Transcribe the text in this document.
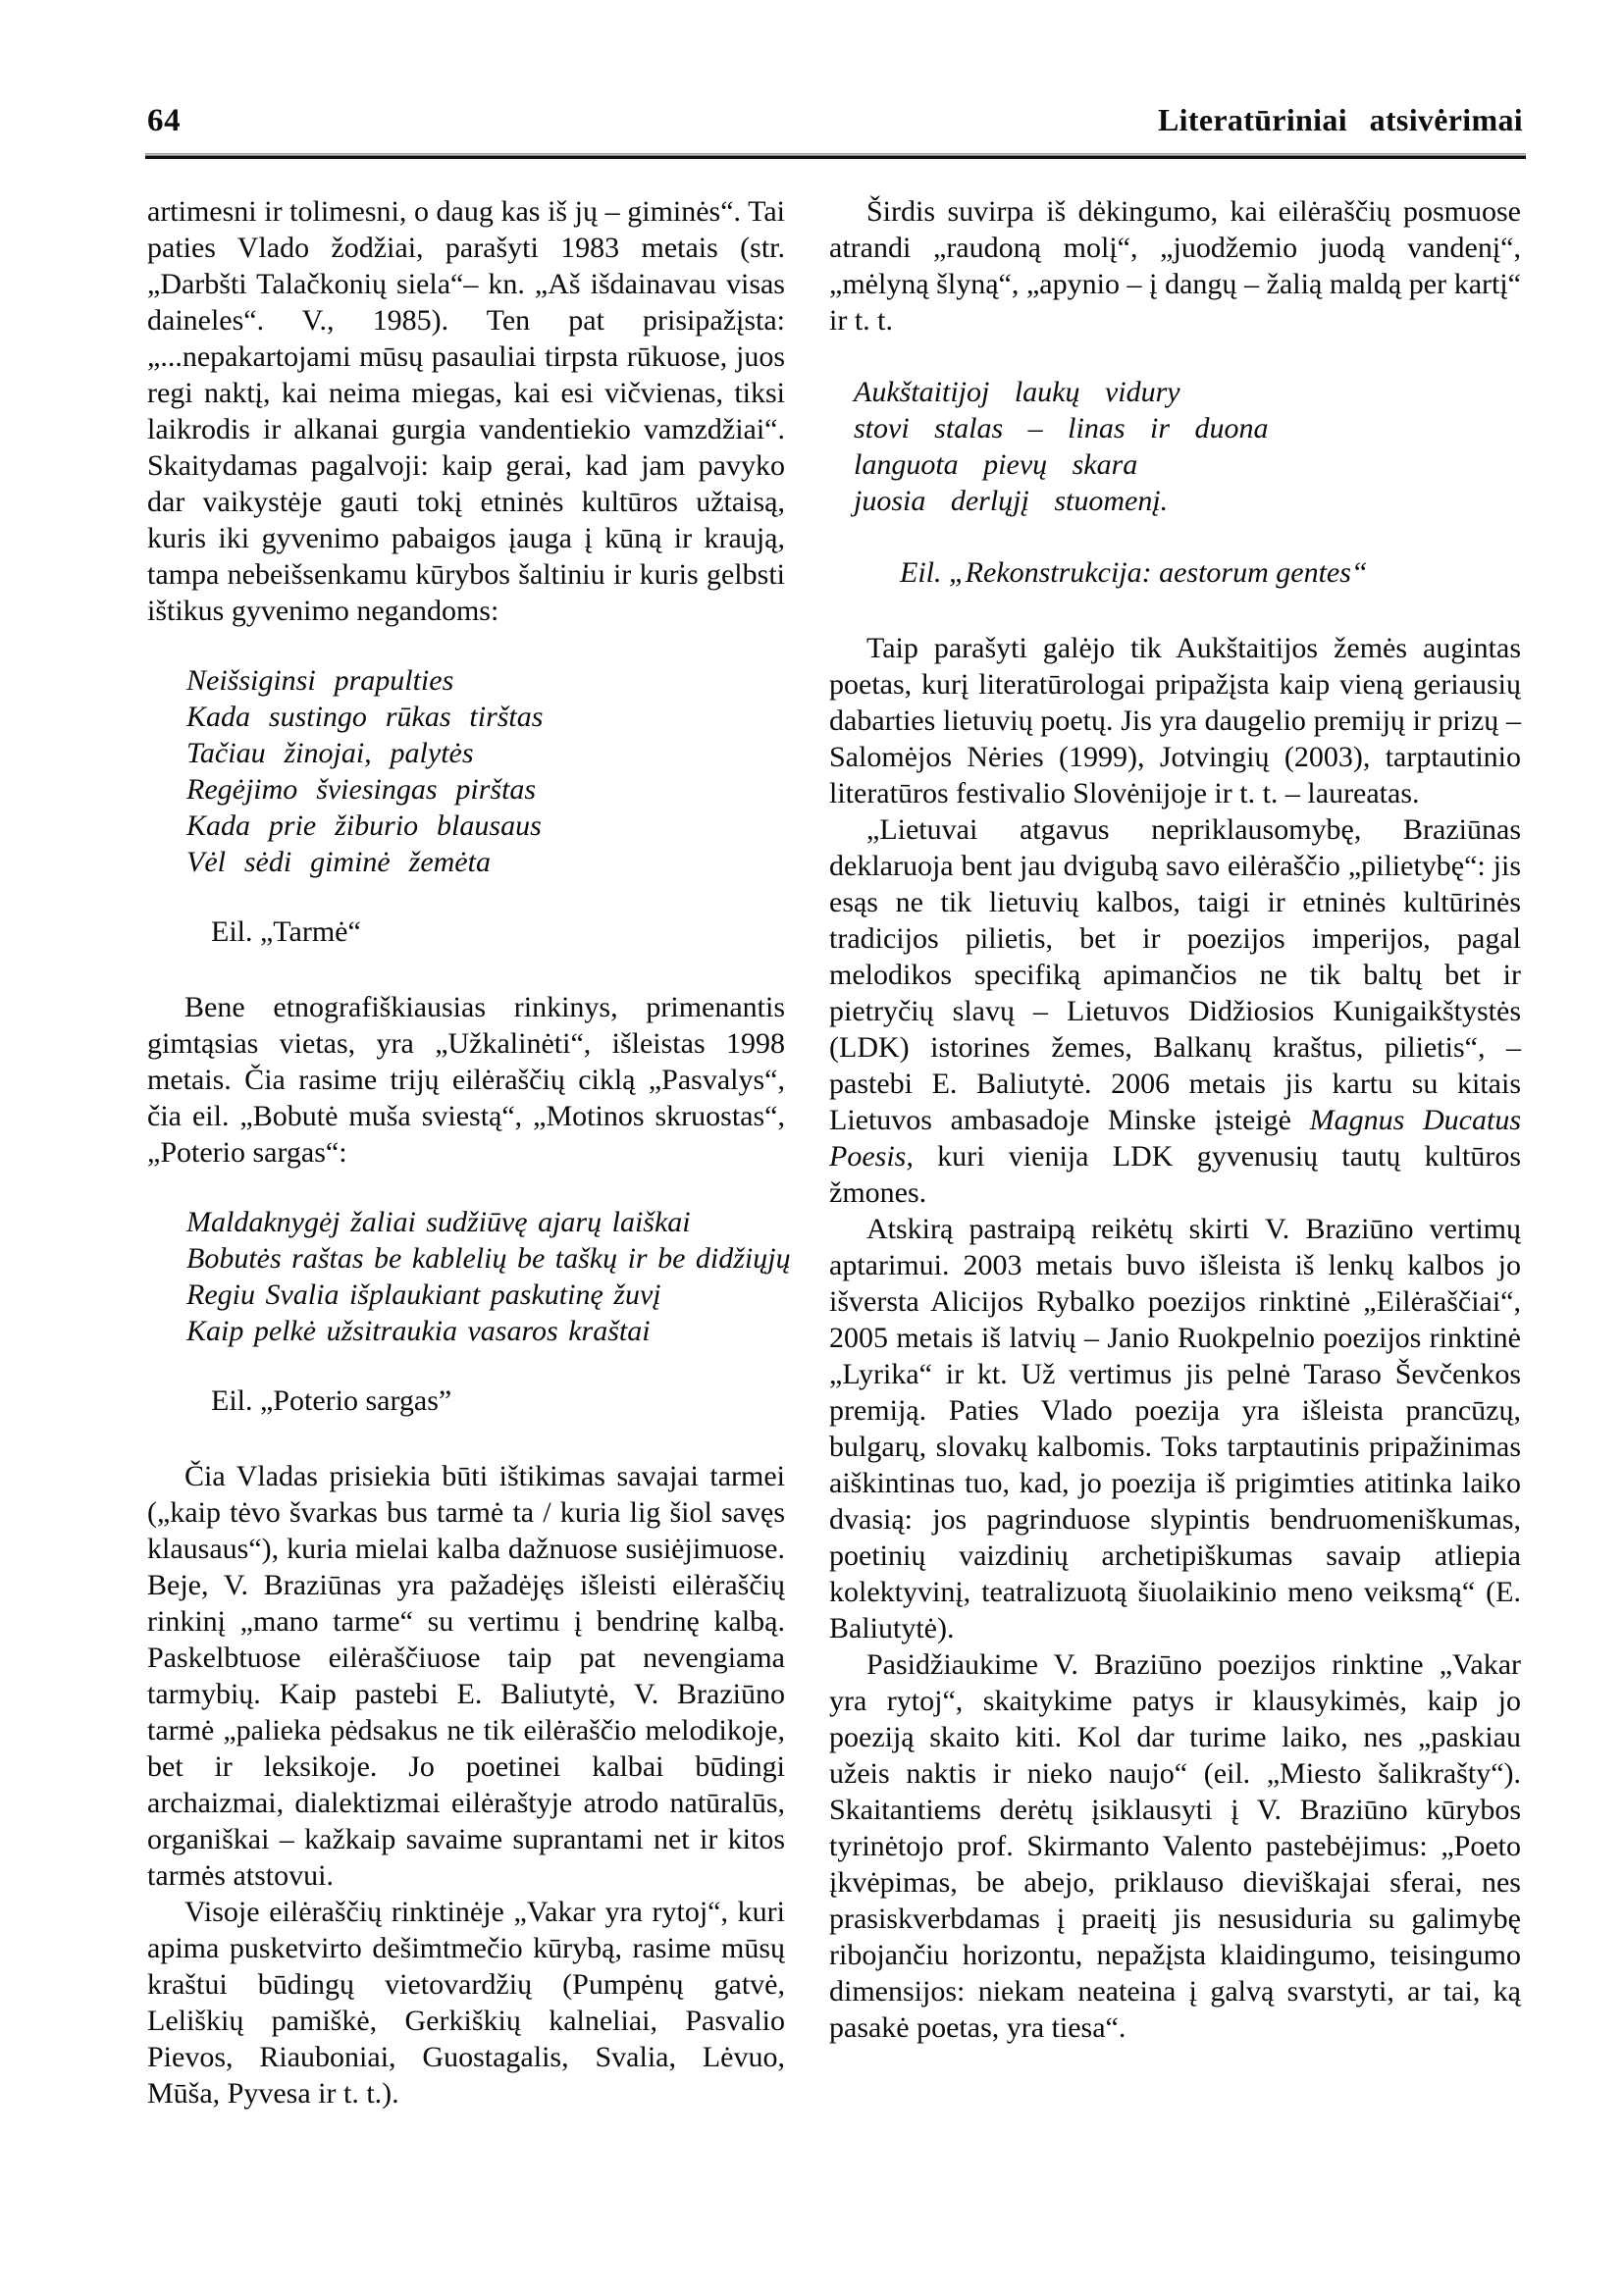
64	Literatūriniai atsivėrimai

artimesni ir tolimesni, o daug kas iš jų – giminės“. Tai paties Vlado žodžiai, parašyti 1983 metais (str. „Darbšti Talačkonių siela“– kn. „Aš išdainavau visas daineles“. V., 1985). Ten pat prisipažįsta: „...nepakartojami mūsų pasauliai tirpsta rūkuose, juos regi naktį, kai neima miegas, kai esi vičvienas, tiksi laikrodis ir alkanai gurgia vandentiekio vamzdžiai“. Skaitydamas pagalvoji: kaip gerai, kad jam pavyko dar vaikystėje gauti tokį etninės kultūros užtaisą, kuris iki gyvenimo pabaigos įauga į kūną ir kraują, tampa nebeišsenkamu kūrybos šaltiniu ir kuris gelbsti ištikus gyvenimo negandoms:

Neišsiginsi prapulties
Kada sustingo rūkas tirštas
Tačiau žinojai, palytės
Regėjimo šviesingas pirštas
Kada prie žiburio blausaus
Vėl sėdi giminė žemėta
Eil. „Tarmė“

Bene etnografiškiausias rinkinys, primenantis gimtąsias vietas, yra „Užkalinėti“, išleistas 1998 metais. Čia rasime trijų eilėraščių ciklą „Pasvalys“, čia eil. „Bobutė muša sviestą“, „Motinos skruostas“, „Poterio sargas“:

Maldaknygėj žaliai sudžiūvę ajarų laiškai
Bobutės raštas be kablelių be taškų ir be didžiųjų
Regiu Svalia išplaukiant paskutinę žuvį
Kaip pelkė užsitraukia vasaros kraštai
Eil. „Poterio sargas”

Čia Vladas prisiekia būti ištikimas savajai tarmei („kaip tėvo švarkas bus tarmė ta / kuria lig šiol savęs klausaus“), kuria mielai kalba dažnuose susiėjimuose. Beje, V. Braziūnas yra pažadėjęs išleisti eilėraščių rinkinį „mano tarme“ su vertimu į bendrinę kalbą. Paskelbtuose eilėraščiuose taip pat nevengiama tarmybių. Kaip pastebi E. Baliutytė, V. Braziūno tarmė „palieka pėdsakus ne tik eilėraščio melodikoje, bet ir leksikoje. Jo poetinei kalbai būdingi archaizmai, dialektizmai eilėraštyje atrodo natūralūs, organiškai – kažkaip savaime suprantami net ir kitos tarmės atstovui.

Visoje eilėraščių rinktinėje „Vakar yra rytoj“, kuri apima pusketvirto dešimtmečio kūrybą, rasime mūsų kraštui būdingų vietovardžių (Pumpėnų gatvė, Leliškių pamiškė, Gerkiškių kalneliai, Pasvalio Pievos, Riauboniai, Guostagalis, Svalia, Lėvuo, Mūša, Pyvesa ir t. t.).

Širdis suvirpa iš dėkingumo, kai eilėraščių posmuose atrandi „raudoną molį“, „juodžemio juodą vandenį“, „mėlyną šlyną“, „apynio – į dangų – žalią maldą per kartį“ ir t. t.

Aukštaitijoj laukų vidury
stovi stalas – linas ir duona
languota pievų skara
juosia derlųjį stuomenį.
Eil. „Rekonstrukcija: aestorum gentes“

Taip parašyti galėjo tik Aukštaitijos žemės augintas poetas, kurį literatūrologai pripažįsta kaip vieną geriausių dabarties lietuvių poetų. Jis yra daugelio premijų ir prizų – Salomėjos Nėries (1999), Jotvingių (2003), tarptautinio literatūros festivalio Slovėnijoje ir t. t. – laureatas.

„Lietuvai atgavus nepriklausomybę, Braziūnas deklaruoja bent jau dvigubą savo eilėraščio „pilietybę“: jis esąs ne tik lietuvių kalbos, taigi ir etninės kultūrinės tradicijos pilietis, bet ir poezijos imperijos, pagal melodikos specifiką apimančios ne tik baltų bet ir pietryčių slavų – Lietuvos Didžiosios Kunigaikštystės (LDK) istorines žemes, Balkanų kraštus, pilietis“, – pastebi E. Baliutytė. 2006 metais jis kartu su kitais Lietuvos ambasadoje Minske įsteigė Magnus Ducatus Poesis, kuri vienija LDK gyvenusių tautų kultūros žmones.

Atskirą pastraipą reikėtų skirti V. Braziūno vertimų aptarimui. 2003 metais buvo išleista iš lenkų kalbos jo išversta Alicijos Rybalko poezijos rinktinė „Eilėraščiai“, 2005 metais iš latvių – Janio Ruokpelnio poezijos rinktinė „Lyrika“ ir kt. Už vertimus jis pelnė Taraso Ševčenkos premiją. Paties Vlado poezija yra išleista prancūzų, bulgarų, slovakų kalbomis. Toks tarptautinis pripažinimas aiškintinas tuo, kad, jo poezija iš prigimties atitinka laiko dvasią: jos pagrinduose slypintis bendruomeniškumas, poetinių vaizdinių archetipiškumas savaip atliepia kolektyvinį, teatralizuotą šiuolaikinio meno veiksmą“ (E. Baliutytė).

Pasidžiaukime V. Braziūno poezijos rinktine „Vakar yra rytoj“, skaitykime patys ir klausykimės, kaip jo poeziją skaito kiti. Kol dar turime laiko, nes „paskiau užeis naktis ir nieko naujo“ (eil. „Miesto šalikrašty“). Skaitantiems derėtų įsiklausyti į V. Braziūno kūrybos tyrinėtojo prof. Skirmanto Valento pastebėjimus: „Poeto įkvėpimas, be abejo, priklauso dieviškajai sferai, nes prasiskverbdamas į praeitį jis nesusiduria su galimybę ribojančiu horizontu, nepažįsta klaidingumo, teisingumo dimensijos: niekam neateina į galvą svarstyti, ar tai, ką pasakė poetas, yra tiesa“.
